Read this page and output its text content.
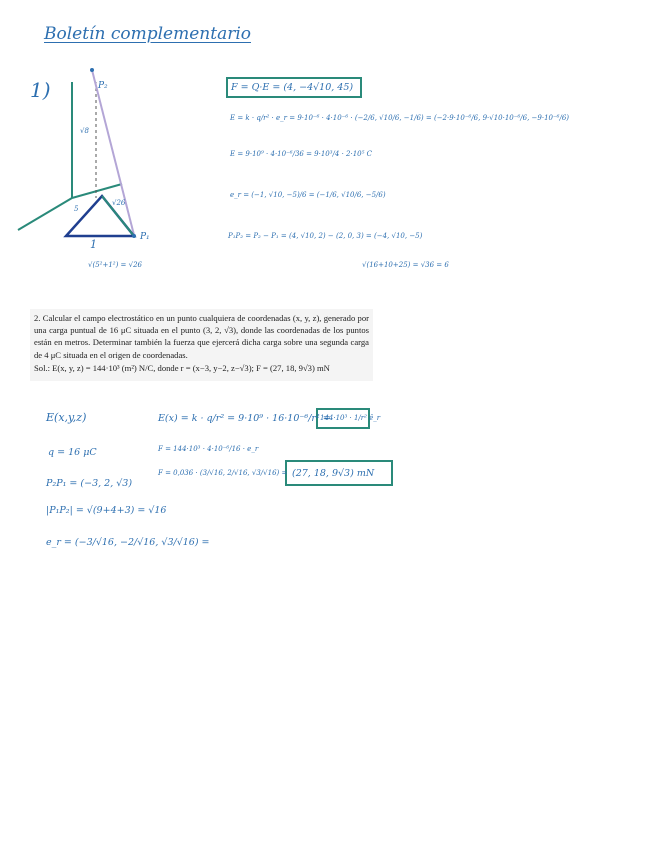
Boletín complementario
1)	P₂
P₁
√8
5
√26
1
√(5²+1²) = √26
F = Q·E = (4, −4√10, 45)
E = k · q/r² · e_r = 9·10⁻⁶ · 4·10⁻⁶ · (−2/6, √10/6, −1/6) = (−2·9·10⁻⁶/6, 9·√10·10⁻⁶/6, −9·10⁻⁶/6)
E = 9·10⁹ · 4·10⁻⁶/36 = 9·10³/4 · 2·10⁵ C
e_r = (−1, √10, −5)/6 = (−1/6, √10/6, −5/6)
P₁P₂ = P₂ − P₁ = (4, √10, 2) − (2, 0, 3) = (−4, √10, −5)
√(16+10+25) = √36 = 6

2. Calcular el campo electrostático en un punto cualquiera de coordenadas (x, y, z), generado por una carga puntual de 16 μC situada en el punto (3, 2, √3), donde las coordenadas de los puntos están en metros. Determinar también la fuerza que ejercerá dicha carga sobre una segunda carga de 4 μC situada en el origen de coordenadas.

Sol.: E(x, y, z) = 144·10³ (m²) N/C, donde r = (x−3, y−2, z−√3); F = (27, 18, 9√3) mN

E(x,y,z)
q = 16 μC
P₂P₁ = (−3, 2, √3)
|P₁P₂| = √(9+4+3) = √16
e_r = (−3/√16, −2/√16, √3/√16) =
E(x) = k · q/r² = 9·10⁹ · 16·10⁻⁶/r² =
144·10³ · 1/r² ê_r
F = 144·10³ · 4·10⁻⁶/16 · e_r
F = 0,036 · (3/√16, 2/√16, √3/√16) = (27, 18, 9√3) mN
